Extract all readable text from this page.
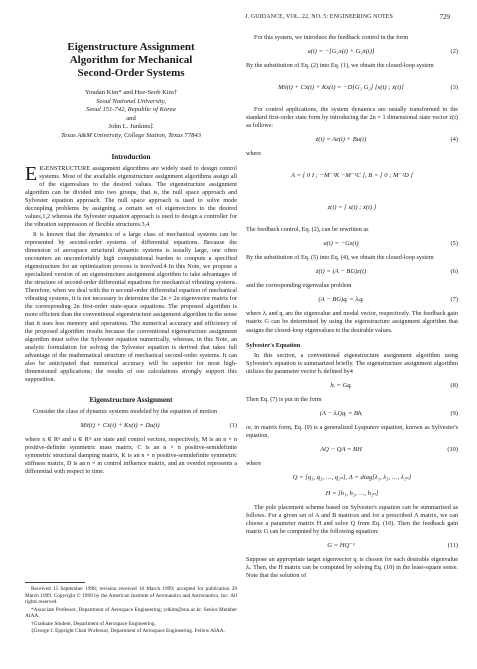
J. GUIDANCE, VOL. 22, NO. 5: ENGINEERING NOTES	729
Eigenstructure Assignment
Algorithm for Mechanical
Second-Order Systems
Youdan Kim* and Hee-Seob Kim†
Seoul National University,
Seoul 151-742, Republic of Korea
and
John L. Junkins‡
Texas A&M University, College Station, Texas 77843
Introduction

EIGENSTRUCTURE assignment algorithms are widely used to design control systems. Most of the available eigenstructure assignment algorithms assign all of the eigenvalues to the desired values. The eigenstructure assignment algorithm can be divided into two groups, that is, the null space approach and Sylvester equation approach. The null space approach is used to solve mode decoupling problems by assigning a certain set of eigenvectors to the desired values,1,2 whereas the Sylvester equation approach is used to design a controller for the vibration suppression of flexible structures.3,4

It is known that the dynamics of a large class of mechanical systems can be represented by second-order systems of differential equations. Because the dimension of aerospace structural dynamic systems is usually large, one often encounters an uncomfortably high computational burden to compute a specified eigenstructure for an optimization process is involved.4 In this Note, we propose a specialized version of an eigenstructure assignment algorithm to take advantages of the structure of second-order differential equations for mechanical vibrating systems. Therefore, when we deal with the n second-order differential equation of mechanical vibrating systems, it is not necessary to determine the 2n × 2n eigenvector matrix for the corresponding 2n first-order state-space equations. The proposed algorithm is more efficient than the conventional eigenstructure assignment algorithm in the sense that it uses less memory and operations. The numerical accuracy and efficiency of the proposed algorithm results because the conventional eigenstructure assignment algorithm must solve the Sylvester equation numerically, whereas, in this Note, an analytic formulation for solving the Sylvester equation is derived that takes full advantage of the mathematical structure of mechanical second-order systems. It can also be anticipated that numerical accuracy will be superior for most high-dimensioned applications; the results of our calculations strongly support this supposition.

Eigenstructure Assignment

Consider the class of dynamic systems modeled by the equation of motion

Mẍ(t) + Cẋ(t) + Kx(t) = Du(t)	(1)

where x ∈ Rⁿ and u ∈ Rᵐ are state and control vectors, respectively, M is an n × n positive-definite symmetric mass matrix, C is an n × n positive-semidefinite symmetric structural damping matrix, K is an n × n positive-semidefinite symmetric stiffness matrix, D is an n × m control influence matrix, and an overdot represents a differential with respect to time.

Received 15 September 1998; revision received 10 March 1999; accepted for publication 29 March 1999. Copyright © 1999 by the American Institute of Aeronautics and Astronautics, Inc. All rights reserved.

*Associate Professor, Department of Aerospace Engineering; ydkim@snu.ac.kr. Senior Member AIAA.

†Graduate Student, Department of Aerospace Engineering.

‡George J. Eppright Chair Professor, Department of Aerospace Engineering. Fellow AIAA.

For this system, we introduce the feedback control in the form

u(t) = −[G₁x(t) + G₂ẋ(t)]	(2)

By the substitution of Eq. (2) into Eq. (1), we obtain the closed-loop system

Mẍ(t) + Cẋ(t) + Kx(t) = −D[G₁ G₂] [x(t) ; ẋ(t)]	(3)

For control applications, the system dynamics are usually transformed to the standard first-order state form by introducing the 2n × 1 dimensional state vector z(t) as follows:

ż(t) = Az(t) + Bu(t)	(4)

where

A = [ 0 I ; −M⁻¹K −M⁻¹C ], B = [ 0 ; M⁻¹D ]
z(t) = [ x(t) ; ẋ(t) ]

The feedback control, Eq. (2), can be rewritten as

u(t) = −Gz(t)	(5)

By the substitution of Eq. (5) into Eq. (4), we obtain the closed-loop system

ż(t) = (A − BG)z(t)	(6)

and the corresponding eigenvalue problem

(A − BG)qᵢ = λᵢqᵢ	(7)

where λᵢ and qᵢ are the eigenvalue and modal vector, respectively. The feedback gain matrix G can be determined by using the eigenstructure assignment algorithm that assigns the closed-loop eigenvalues to the desirable values.

Sylvester's Equation

In this section, a conventional eigenstructure assignment algorithm using Sylvester's equation is summarized briefly. The eigenstructure assignment algorithm utilizes the parameter vector hᵢ defined by4

hᵢ = Gqᵢ	(8)

Then Eq. (7) is put in the form

(A − λᵢI)qᵢ = Bhᵢ	(9)

or, in matrix form, Eq. (9) is a generalized Lyapunov equation, known as Sylvester's equation,

AQ − QΛ = BH	(10)

where

Q = [q₁, q₂, …, q₂ₙ], Λ = diag[λ₁, λ₂, …, λ₂ₙ]
H = [h₁, h₂, …, h₂ₙ]

The pole placement scheme based on Sylvester's equation can be summarized as follows. For a given set of A and B matrices and for a prescribed Λ matrix, we can choose a parameter matrix H and solve Q from Eq. (10). Then the feedback gain matrix G can be computed by the following equation:

G = HQ⁻¹	(11)

Suppose an appropriate target eigenvector qᵢ is chosen for each desirable eigenvalue λᵢ. Then, the H matrix can be computed by solving Eq. (10) in the least-square sense. Note that the solution of
